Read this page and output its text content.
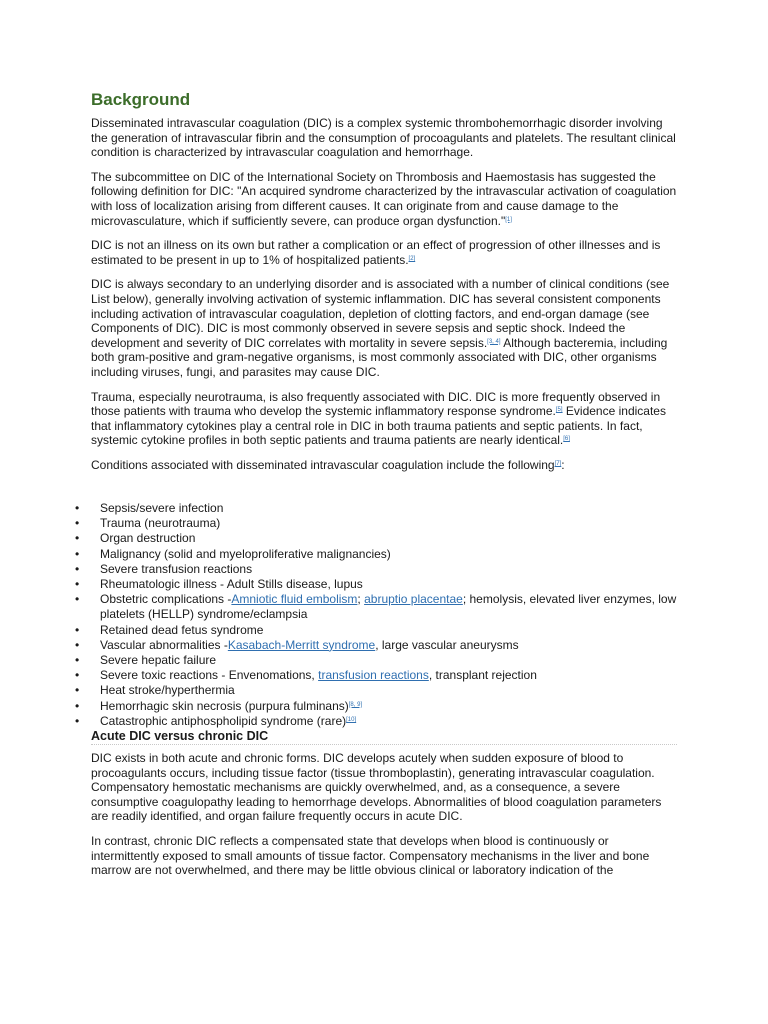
Background

Disseminated intravascular coagulation (DIC) is a complex systemic thrombohemorrhagic disorder involving the generation of intravascular fibrin and the consumption of procoagulants and platelets. The resultant clinical condition is characterized by intravascular coagulation and hemorrhage.

The subcommittee on DIC of the International Society on Thrombosis and Haemostasis has suggested the following definition for DIC: "An acquired syndrome characterized by the intravascular activation of coagulation with loss of localization arising from different causes. It can originate from and cause damage to the microvasculature, which if sufficiently severe, can produce organ dysfunction."[1]

DIC is not an illness on its own but rather a complication or an effect of progression of other illnesses and is estimated to be present in up to 1% of hospitalized patients.[2]

DIC is always secondary to an underlying disorder and is associated with a number of clinical conditions (see List below), generally involving activation of systemic inflammation. DIC has several consistent components including activation of intravascular coagulation, depletion of clotting factors, and end-organ damage (see Components of DIC). DIC is most commonly observed in severe sepsis and septic shock. Indeed the development and severity of DIC correlates with mortality in severe sepsis.[3, 4] Although bacteremia, including both gram-positive and gram-negative organisms, is most commonly associated with DIC, other organisms including viruses, fungi, and parasites may cause DIC.

Trauma, especially neurotrauma, is also frequently associated with DIC. DIC is more frequently observed in those patients with trauma who develop the systemic inflammatory response syndrome.[5] Evidence indicates that inflammatory cytokines play a central role in DIC in both trauma patients and septic patients. In fact, systemic cytokine profiles in both septic patients and trauma patients are nearly identical.[6]

Conditions associated with disseminated intravascular coagulation include the following[7]:

• Sepsis/severe infection
• Trauma (neurotrauma)
• Organ destruction
• Malignancy (solid and myeloproliferative malignancies)
• Severe transfusion reactions
• Rheumatologic illness - Adult Stills disease, lupus
• Obstetric complications -Amniotic fluid embolism; abruptio placentae; hemolysis, elevated liver enzymes, low platelets (HELLP) syndrome/eclampsia
• Retained dead fetus syndrome
• Vascular abnormalities -Kasabach-Merritt syndrome, large vascular aneurysms
• Severe hepatic failure
• Severe toxic reactions - Envenomations, transfusion reactions, transplant rejection
• Heat stroke/hyperthermia
• Hemorrhagic skin necrosis (purpura fulminans)[8, 9]
• Catastrophic antiphospholipid syndrome (rare)[10]
Acute DIC versus chronic DIC

DIC exists in both acute and chronic forms. DIC develops acutely when sudden exposure of blood to procoagulants occurs, including tissue factor (tissue thromboplastin), generating intravascular coagulation. Compensatory hemostatic mechanisms are quickly overwhelmed, and, as a consequence, a severe consumptive coagulopathy leading to hemorrhage develops. Abnormalities of blood coagulation parameters are readily identified, and organ failure frequently occurs in acute DIC.

In contrast, chronic DIC reflects a compensated state that develops when blood is continuously or intermittently exposed to small amounts of tissue factor. Compensatory mechanisms in the liver and bone marrow are not overwhelmed, and there may be little obvious clinical or laboratory indication of the
